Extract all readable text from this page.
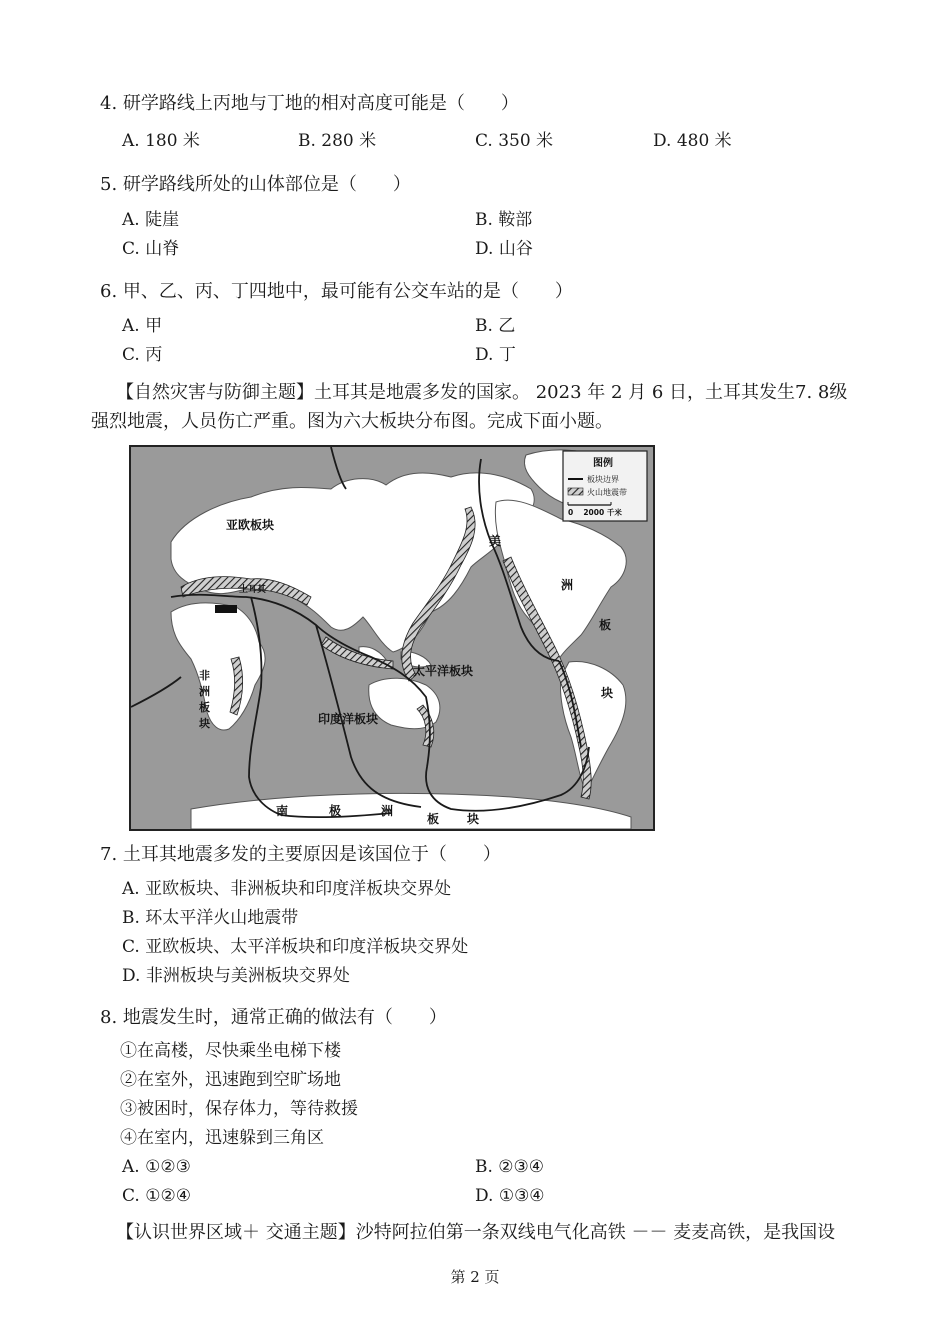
4. 研学路线上丙地与丁地的相对高度可能是（　　）
A. 180 米	B. 280 米	C. 350 米	D. 480 米
5. 研学路线所处的山体部位是（　　）
A. 陡崖	B. 鞍部
C. 山脊	D. 山谷
6. 甲、乙、丙、丁四地中，最可能有公交车站的是（　　）
A. 甲	B. 乙
C. 丙	D. 丁
【自然灾害与防御主题】土耳其是地震多发的国家。 2023 年 2 月 6 日，土耳其发生7. 8级
强烈地震，人员伤亡严重。图为六大板块分布图。完成下面小题。
图例
板块边界
火山地震带
0　 2000 千米
亚欧板块
土耳其
非
洲
板
块
太平洋板块
印度洋板块
美
洲
板
块
南	极	洲
板 块
7. 土耳其地震多发的主要原因是该国位于（　　）
A. 亚欧板块、非洲板块和印度洋板块交界处
B. 环太平洋火山地震带
C. 亚欧板块、太平洋板块和印度洋板块交界处
D. 非洲板块与美洲板块交界处
8. 地震发生时，通常正确的做法有（　　）
①在高楼，尽快乘坐电梯下楼
②在室外，迅速跑到空旷场地
③被困时，保存体力，等待救援
④在室内，迅速躲到三角区
A. ①②③	B. ②③④
C. ①②④	D. ①③④
【认识世界区域＋ 交通主题】沙特阿拉伯第一条双线电气化高铁 －－ 麦麦高铁，是我国设
第 2 页
